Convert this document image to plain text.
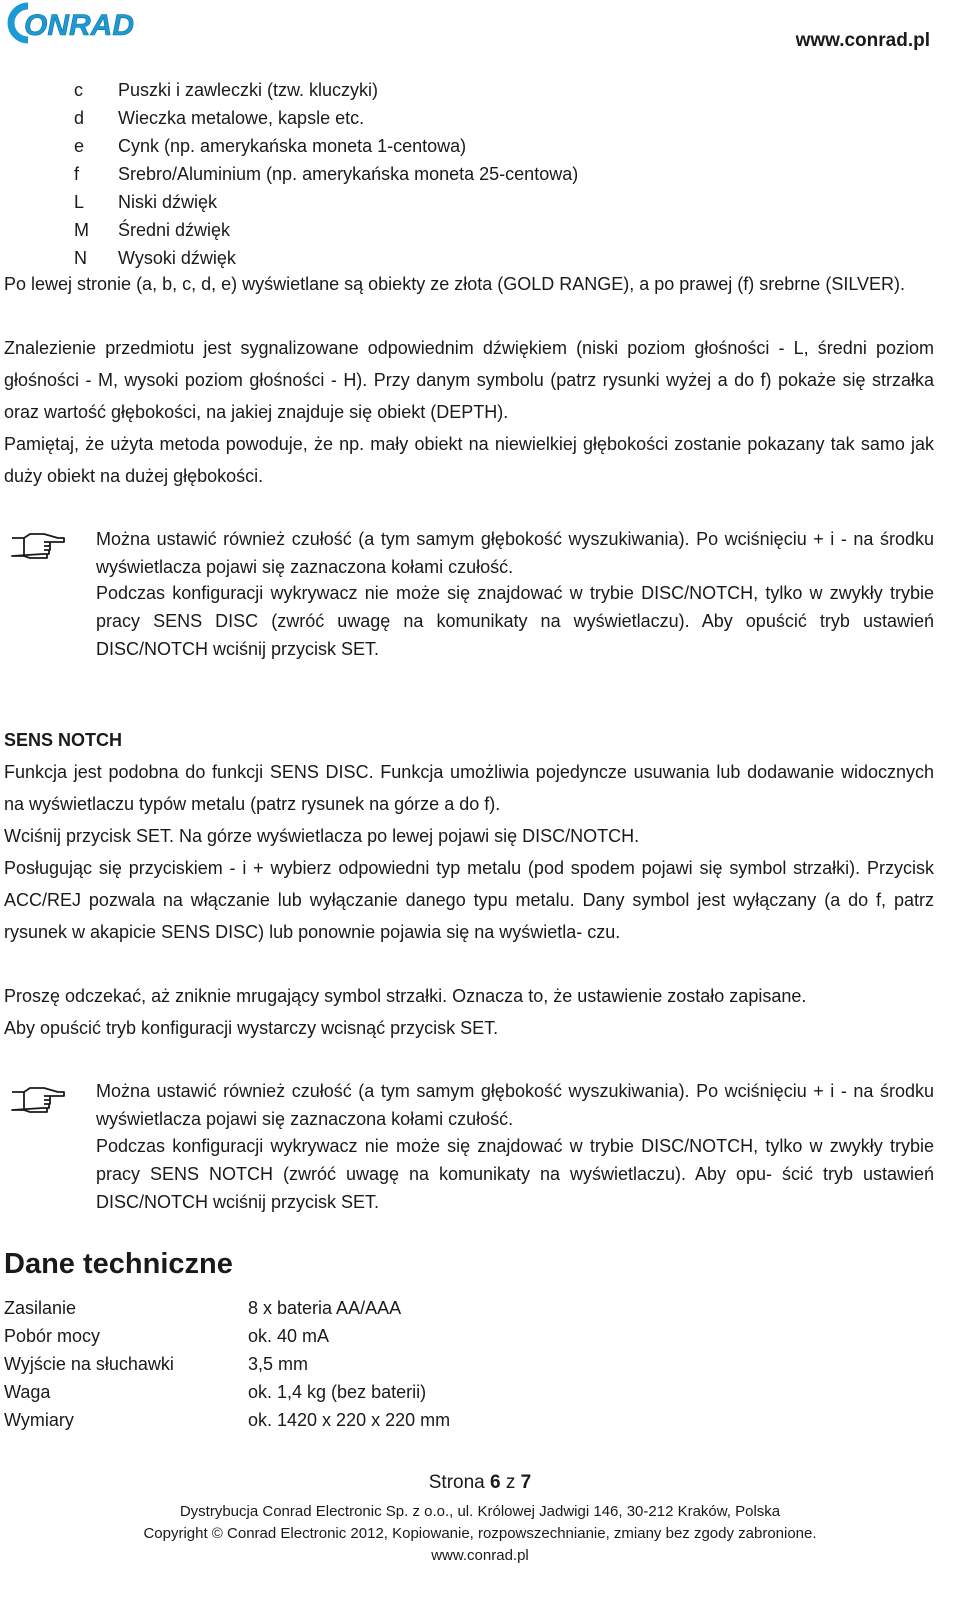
ONRAD	www.conrad.pl
c	Puszki i zawleczki (tzw. kluczyki)
d	Wieczka metalowe, kapsle etc.
e	Cynk (np. amerykańska moneta 1-centowa)
f	Srebro/Aluminium (np. amerykańska moneta 25-centowa)
L	Niski dźwięk
M	Średni dźwięk
N	Wysoki dźwięk

Po lewej stronie (a, b, c, d, e) wyświetlane są obiekty ze złota (GOLD RANGE), a po prawej (f) srebrne (SILVER).

Znalezienie przedmiotu jest sygnalizowane odpowiednim dźwiękiem (niski poziom głośności - L, średni poziom głośności - M, wysoki poziom głośności - H). Przy danym symbolu (patrz rysunki wyżej a do f) pokaże się strzałka oraz wartość głębokości, na jakiej znajduje się obiekt (DEPTH).

Pamiętaj, że użyta metoda powoduje, że np. mały obiekt na niewielkiej głębokości zostanie pokazany tak samo jak duży obiekt na dużej głębokości.

Można ustawić również czułość (a tym samym głębokość wyszukiwania). Po wciśnięciu + i - na środku wyświetlacza pojawi się zaznaczona kołami czułość.

Podczas konfiguracji wykrywacz nie może się znajdować w trybie DISC/NOTCH, tylko w zwykły trybie pracy SENS DISC (zwróć uwagę na komunikaty na wyświetlaczu). Aby opuścić tryb ustawień DISC/NOTCH wciśnij przycisk SET.

SENS NOTCH

Funkcja jest podobna do funkcji SENS DISC. Funkcja umożliwia pojedyncze usuwania lub dodawanie widocznych na wyświetlaczu typów metalu (patrz rysunek na górze a do f).

Wciśnij przycisk SET. Na górze wyświetlacza po lewej pojawi się DISC/NOTCH.

Posługując się przyciskiem - i + wybierz odpowiedni typ metalu (pod spodem pojawi się symbol strzałki). Przycisk ACC/REJ pozwala na włączanie lub wyłączanie danego typu metalu. Dany symbol jest wyłączany (a do f, patrz rysunek w akapicie SENS DISC) lub ponownie pojawia się na wyświetla- czu.

Proszę odczekać, aż zniknie mrugający symbol strzałki. Oznacza to, że ustawienie zostało zapisane.

Aby opuścić tryb konfiguracji wystarczy wcisnąć przycisk SET.

Można ustawić również czułość (a tym samym głębokość wyszukiwania). Po wciśnięciu + i - na środku wyświetlacza pojawi się zaznaczona kołami czułość.

Podczas konfiguracji wykrywacz nie może się znajdować w trybie DISC/NOTCH, tylko w zwykły trybie pracy SENS NOTCH (zwróć uwagę na komunikaty na wyświetlaczu). Aby opu- ścić tryb ustawień DISC/NOTCH wciśnij przycisk SET.

Dane techniczne
Zasilanie	8 x bateria AA/AAA
Pobór mocy	ok. 40 mA
Wyjście na słuchawki	3,5 mm
Waga	ok. 1,4 kg (bez baterii)
Wymiary	ok. 1420 x 220 x 220 mm
Strona 6 z 7
Dystrybucja Conrad Electronic Sp. z o.o., ul. Królowej Jadwigi 146, 30-212 Kraków, Polska
Copyright © Conrad Electronic 2012, Kopiowanie, rozpowszechnianie, zmiany bez zgody zabronione.
www.conrad.pl
